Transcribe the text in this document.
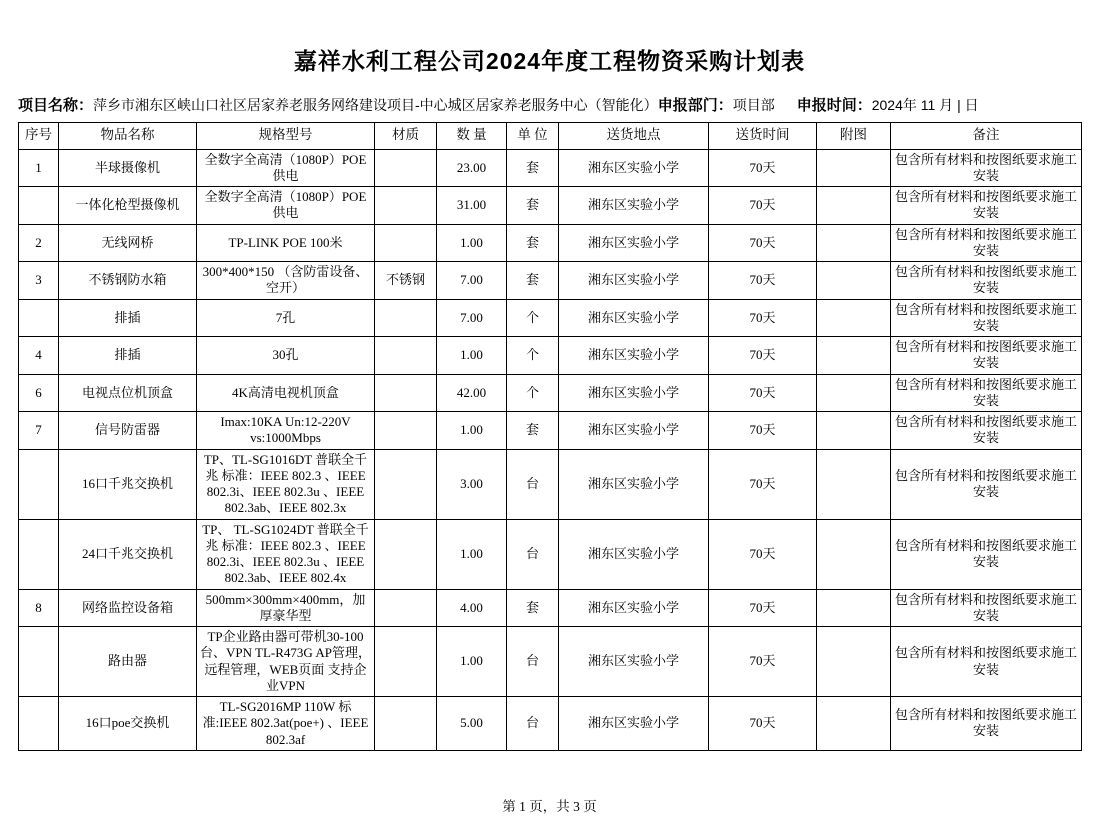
嘉祥水利工程公司2024年度工程物资采购计划表
项目名称： 萍乡市湘东区峡山口社区居家养老服务网络建设项目-中心城区居家养老服务中心（智能化） 申报部门： 项目部 申报时间： 2024年 11 月 | 日
序号	物品名称	规格型号	材质	数 量	单 位	送货地点	送货时间	附图	备注
1	半球摄像机	全数字全高清（1080P）POE供电		23.00	套	湘东区实验小学	70天		包含所有材料和按图纸要求施工安装
	一体化枪型摄像机	全数字全高清（1080P）POE供电		31.00	套	湘东区实验小学	70天		包含所有材料和按图纸要求施工安装
2	无线网桥	TP-LINK POE 100米		1.00	套	湘东区实验小学	70天		包含所有材料和按图纸要求施工安装
3	不锈钢防水箱	300*400*150 （含防雷设备、空开）	不锈钢	7.00	套	湘东区实验小学	70天		包含所有材料和按图纸要求施工安装
	排插	7孔		7.00	个	湘东区实验小学	70天		包含所有材料和按图纸要求施工安装
4	排插	30孔		1.00	个	湘东区实验小学	70天		包含所有材料和按图纸要求施工安装
6	电视点位机顶盒	4K高清电视机顶盒		42.00	个	湘东区实验小学	70天		包含所有材料和按图纸要求施工安装
7	信号防雷器	Imax:10KA Un:12-220V vs:1000Mbps		1.00	套	湘东区实验小学	70天		包含所有材料和按图纸要求施工安装
	16口千兆交换机	TP、TL-SG1016DT 普联全千兆 标准：IEEE 802.3 、IEEE 802.3i、IEEE 802.3u 、IEEE 802.3ab、IEEE 802.3x		3.00	台	湘东区实验小学	70天		包含所有材料和按图纸要求施工安装
	24口千兆交换机	TP、 TL-SG1024DT 普联全千兆 标准：IEEE 802.3 、IEEE 802.3i、IEEE 802.3u 、IEEE 802.3ab、IEEE 802.4x		1.00	台	湘东区实验小学	70天		包含所有材料和按图纸要求施工安装
8	网络监控设备箱	500mm×300mm×400mm，加厚豪华型		4.00	套	湘东区实验小学	70天		包含所有材料和按图纸要求施工安装
	路由器	TP企业路由器可带机30-100台、VPN TL-R473G AP管理，远程管理，WEB页面 支持企业VPN		1.00	台	湘东区实验小学	70天		包含所有材料和按图纸要求施工安装
	16口poe交换机	TL-SG2016MP 110W 标准:IEEE 802.3at(poe+) 、IEEE 802.3af		5.00	台	湘东区实验小学	70天		包含所有材料和按图纸要求施工安装
第 1 页，共 3 页
